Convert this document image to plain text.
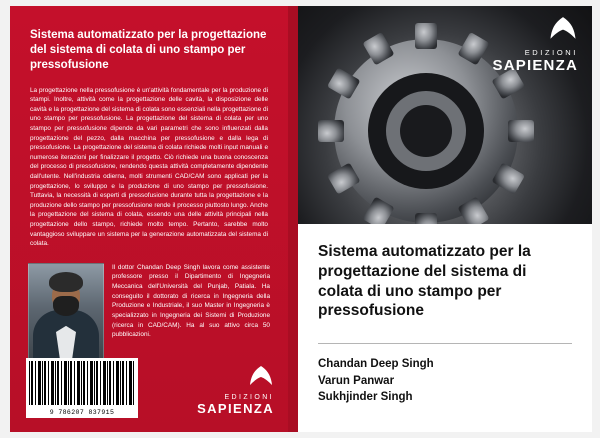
Sistema automatizzato per la progettazione del sistema di colata di uno stampo per pressofusione
La progettazione nella pressofusione è un'attività fondamentale per la produzione di stampi. Inoltre, attività come la progettazione delle cavità, la disposizione delle cavità e la progettazione del sistema di colata sono essenziali nella progettazione di uno stampo per pressofusione. La progettazione del sistema di colata per uno stampo per pressofusione dipende da vari parametri che sono influenzati dalla progettazione del pezzo, dalla macchina per pressofusione e dalla lega di pressofusione. La progettazione del sistema di colata richiede molti input manuali e numerose iterazioni per finalizzare il progetto. Ciò richiede una buona conoscenza del processo di pressofusione, rendendo questa attività completamente dipendente dall'utente. Nell'industria odierna, molti strumenti CAD/CAM sono applicati per la progettazione, lo sviluppo e la produzione di uno stampo per pressofusione. Tuttavia, la necessità di esperti di pressofusione durante tutta la progettazione e la produzione dello stampo per pressofusione rende il processo piuttosto lungo. Anche la progettazione del sistema di colata, essendo una delle attività principali nella progettazione dello stampo, richiede molto tempo. Pertanto, sarebbe molto vantaggioso sviluppare un sistema per la generazione automatizzata del sistema di colata.
Il dottor Chandan Deep Singh lavora come assistente professore presso il Dipartimento di Ingegneria Meccanica dell'Università del Punjab, Patiala. Ha conseguito il dottorato di ricerca in Ingegneria della Produzione e Industriale, il suo Master in Ingegneria è specializzato in Ingegneria dei Sistemi di Produzione (ricerca in CAD/CAM). Ha al suo attivo circa 50 pubblicazioni.
9 786207 837915
EDIZIONI
SAPIENZA
EDIZIONI
SAPIENZA
Sistema automatizzato per la progettazione del sistema di colata di uno stampo per pressofusione
Chandan Deep Singh
Varun Panwar
Sukhjinder Singh
